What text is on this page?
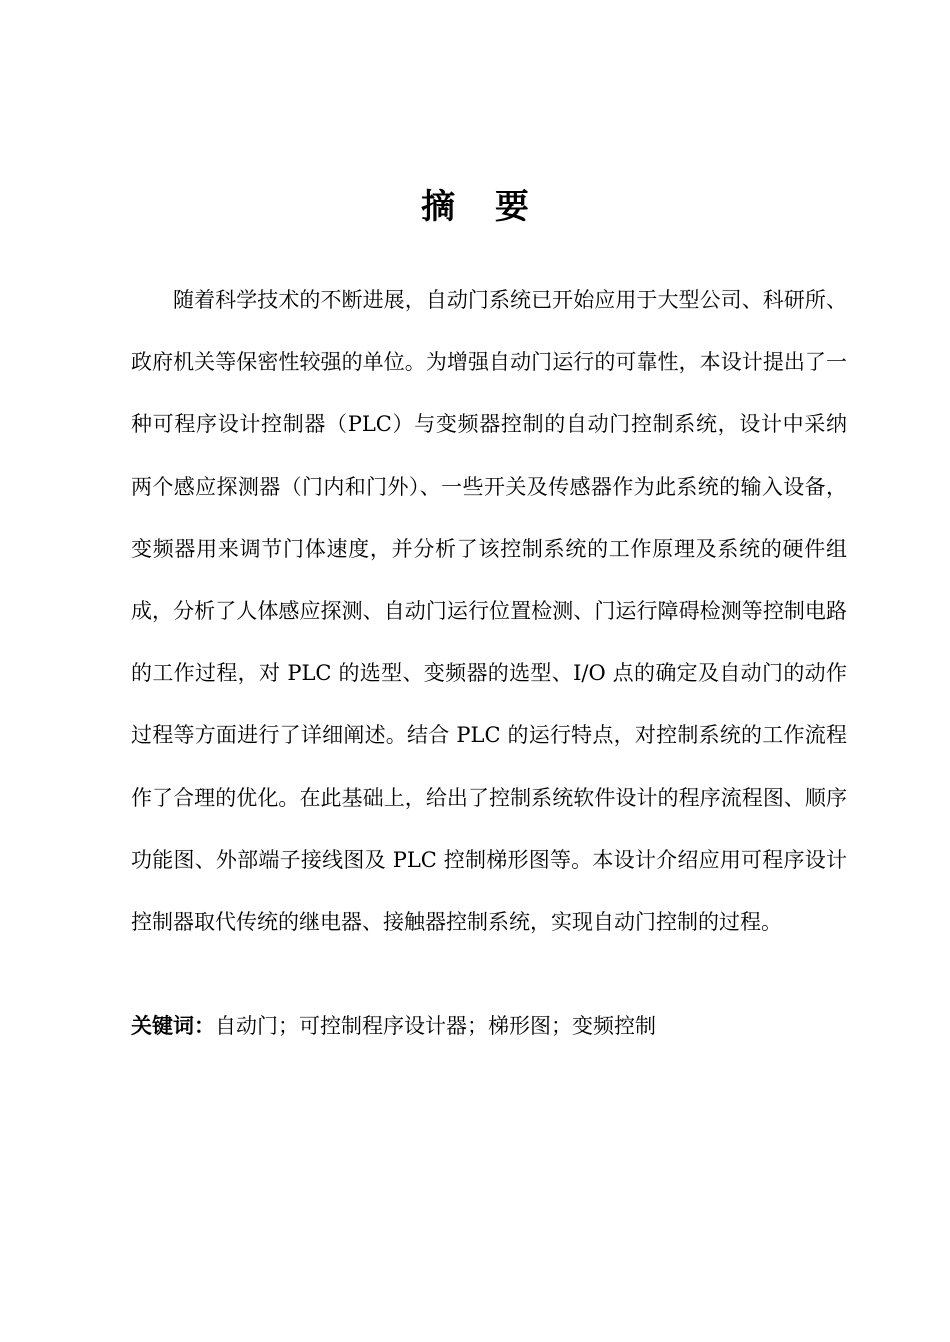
摘 要

随着科学技术的不断进展，自动门系统已开始应用于大型公司、科研所、政府机关等保密性较强的单位。为增强自动门运行的可靠性，本设计提出了一种可程序设计控制器（PLC）与变频器控制的自动门控制系统，设计中采纳两个感应探测器（门内和门外）、一些开关及传感器作为此系统的输入设备，变频器用来调节门体速度，并分析了该控制系统的工作原理及系统的硬件组成，分析了人体感应探测、自动门运行位置检测、门运行障碍检测等控制电路的工作过程，对 PLC 的选型、变频器的选型、I/O 点的确定及自动门的动作过程等方面进行了详细阐述。结合 PLC 的运行特点，对控制系统的工作流程作了合理的优化。在此基础上，给出了控制系统软件设计的程序流程图、顺序功能图、外部端子接线图及 PLC 控制梯形图等。本设计介绍应用可程序设计控制器取代传统的继电器、接触器控制系统，实现自动门控制的过程。

关键词：自动门；可控制程序设计器；梯形图；变频控制
